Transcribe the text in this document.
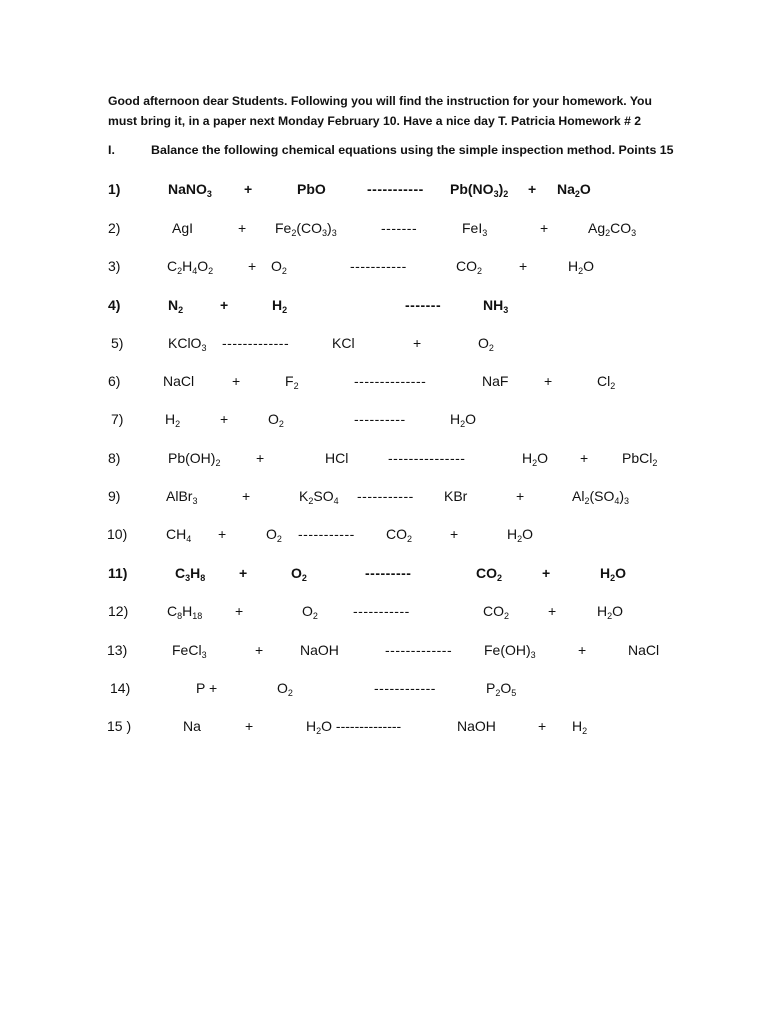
Good afternoon dear Students. Following you will find the instruction for your homework. You

must bring it, in a paper next Monday February 10. Have a nice day T. Patricia Homework # 2

I.	Balance the following chemical equations using the simple inspection method. Points 15
1)	NaNO$_3$ +	PbO	----------- $Pb(NO_3)_2 + Na_2O$
2)	AgI	+ $Fe_2(CO_3)_3$	-------	FeI$_3$	+	$Ag_2CO_3$
3)	$C_2H_4O_2 + O_2$	-----------	$CO_2$	+	$H_2O$
4)	$N_2$	+	$H_2$	-------	$NH_3$
5)	KClO$_3$ -------------	KCl	+	$O_2$
6)	NaCl	+	$F_2$	--------------	NaF	+	$Cl_2$
7)	$H_2$	+	$O_2$	----------	$H_2O$
8)	$Pb(OH)_2$	+	HCl	---------------	$H_2O$ + PbCl$_2$
9)	AlBr$_3$	+	$K_2SO_4$ ----------- KBr	+	$Al_2(SO_4)_3$
10)	$CH_4$ +	$O_2$ ----------- $CO_2$	+	$H_2O$
11)	$C_3H_8$ +	$O_2$	---------	$CO_2$	+	$H_2O$
12)	$C_8H_{18}$ +	$O_2$	-----------	$CO_2$	+	$H_2O$
13)	FeCl$_3$	+	NaOH	------------- $Fe(OH)_3$	+	NaCl
14)	P +	$O_2$	------------	$P_2O_5$
15 )	Na	+	$H_2O$ --------------	NaOH	+ $H_2$
